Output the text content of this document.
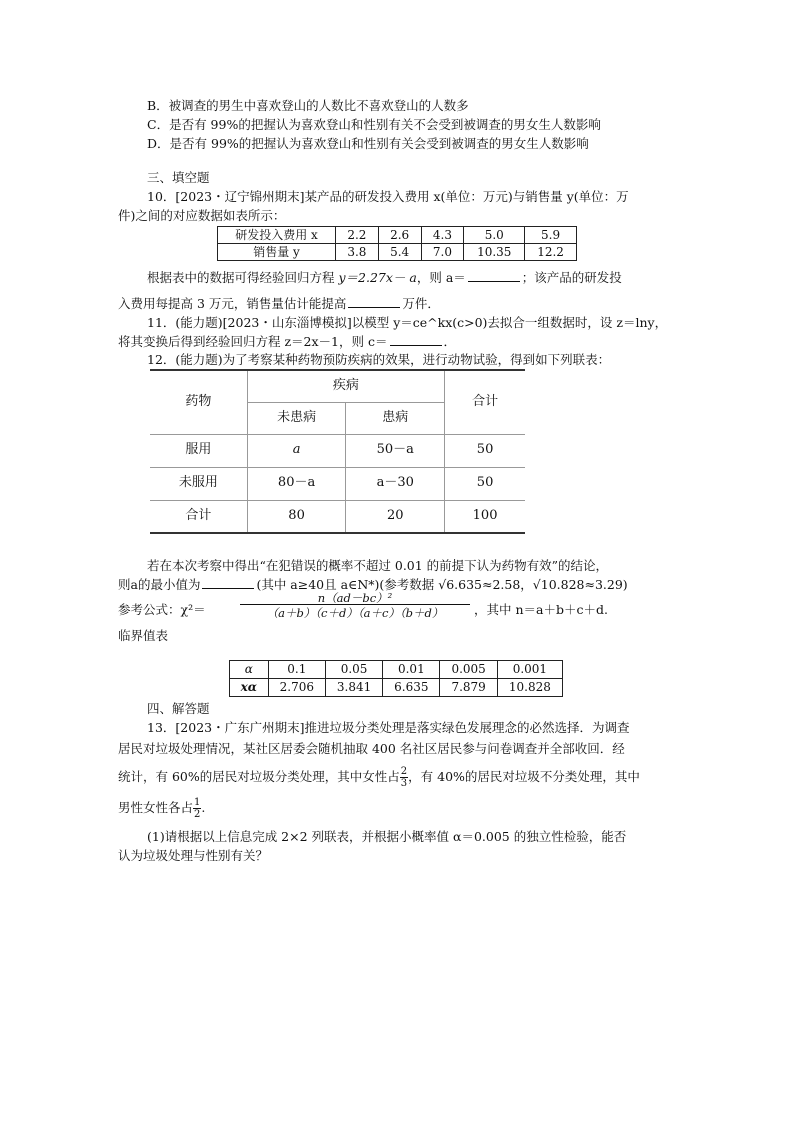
B．被调查的男生中喜欢登山的人数比不喜欢登山的人数多
C．是否有 99%的把握认为喜欢登山和性别有关不会受到被调查的男女生人数影响
D．是否有 99%的把握认为喜欢登山和性别有关会受到被调查的男女生人数影响
三、填空题
10．[2023・辽宁锦州期末]某产品的研发投入费用 x(单位：万元)与销售量 y(单位：万
件)之间的对应数据如表所示：
研发投入费用 x	2.2	2.6	4.3	5.0	5.9
销售量 y	3.8	5.4	7.0	10.35	12.2
根据表中的数据可得经验回归方程 y＝2.27x－ a，则 a＝	；该产品的研发投
入费用每提高 3 万元，销售量估计能提高	万件．
11．(能力题)[2023・山东淄博模拟]以模型 y＝ce^kx(c>0)去拟合一组数据时，设 z＝lny，
将其变换后得到经验回归方程 z＝2x－1，则 c＝	．
12．(能力题)为了考察某种药物预防疾病的效果，进行动物试验，得到如下列联表：
药物	疾病		合计
	未患病	患病	
服用	a	50－a	50
未服用	80－a	a－30	50
合计	80	20	100
若在本次考察中得出“在犯错误的概率不超过 0.01 的前提下认为药物有效”的结论，
则a的最小值为	(其中 a≥40且 a∈N*)(参考数据 √6.635≈2.58，√10.828≈3.29)
参考公式：χ²＝
n（ad－bc）²
（a＋b）（c＋d）（a＋c）（b＋d）	，其中 n＝a＋b＋c＋d.
临界值表
α	0.1	0.05	0.01	0.005	0.001
xα	2.706	3.841	6.635	7.879	10.828
四、解答题
13．[2023・广东广州期末]推进垃圾分类处理是落实绿色发展理念的必然选择．为调查
居民对垃圾处理情况，某社区居委会随机抽取 400 名社区居民参与问卷调查并全部收回．经
统计，有 60%的居民对垃圾分类处理，其中女性占 $\frac{2}{3}$ ，有 40%的居民对垃圾不分类处理，其中
男性女性各占 $\frac{1}{2}$ .
(1)请根据以上信息完成 2×2 列联表，并根据小概率值 α＝0.005 的独立性检验，能否
认为垃圾处理与性别有关？
